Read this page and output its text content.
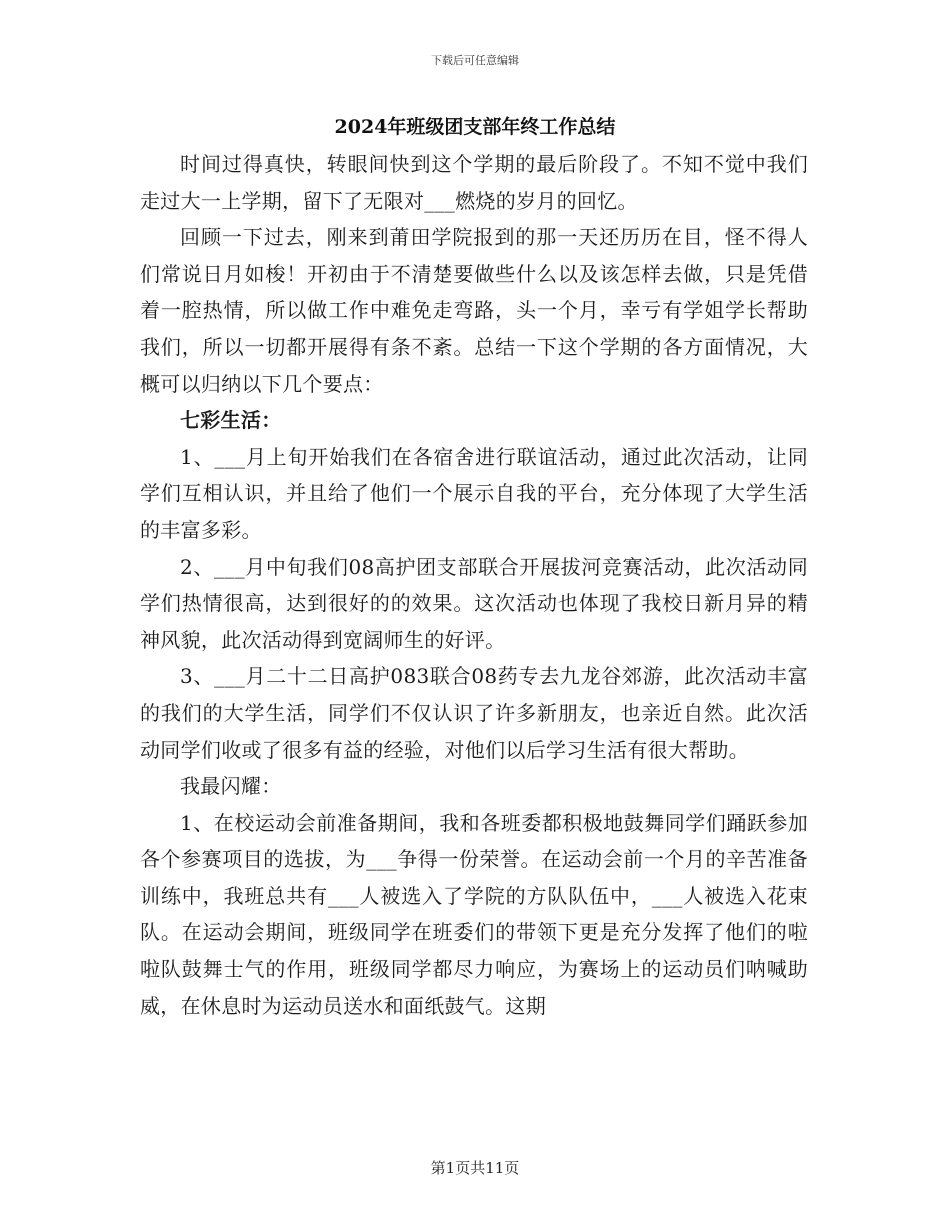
下载后可任意编辑
2024年班级团支部年终工作总结

时间过得真快，转眼间快到这个学期的最后阶段了。不知不觉中我们走过大一上学期，留下了无限对___燃烧的岁月的回忆。

回顾一下过去，刚来到莆田学院报到的那一天还历历在目，怪不得人们常说日月如梭！开初由于不清楚要做些什么以及该怎样去做，只是凭借着一腔热情，所以做工作中难免走弯路，头一个月，幸亏有学姐学长帮助我们，所以一切都开展得有条不紊。总结一下这个学期的各方面情况，大概可以归纳以下几个要点：

七彩生活：

1、___月上旬开始我们在各宿舍进行联谊活动，通过此次活动，让同学们互相认识，并且给了他们一个展示自我的平台，充分体现了大学生活的丰富多彩。

2、___月中旬我们08高护团支部联合开展拔河竞赛活动，此次活动同学们热情很高，达到很好的的效果。这次活动也体现了我校日新月异的精神风貌，此次活动得到宽阔师生的好评。

3、___月二十二日高护083联合08药专去九龙谷郊游，此次活动丰富的我们的大学生活，同学们不仅认识了许多新朋友，也亲近自然。此次活动同学们收或了很多有益的经验，对他们以后学习生活有很大帮助。

我最闪耀：

1、在校运动会前准备期间，我和各班委都积极地鼓舞同学们踊跃参加各个参赛项目的选拔，为___争得一份荣誉。在运动会前一个月的辛苦准备训练中，我班总共有___人被选入了学院的方队队伍中，___人被选入花束队。在运动会期间，班级同学在班委们的带领下更是充分发挥了他们的啦啦队鼓舞士气的作用，班级同学都尽力响应，为赛场上的运动员们呐喊助威，在休息时为运动员送水和面纸鼓气。这期

第1页共11页
